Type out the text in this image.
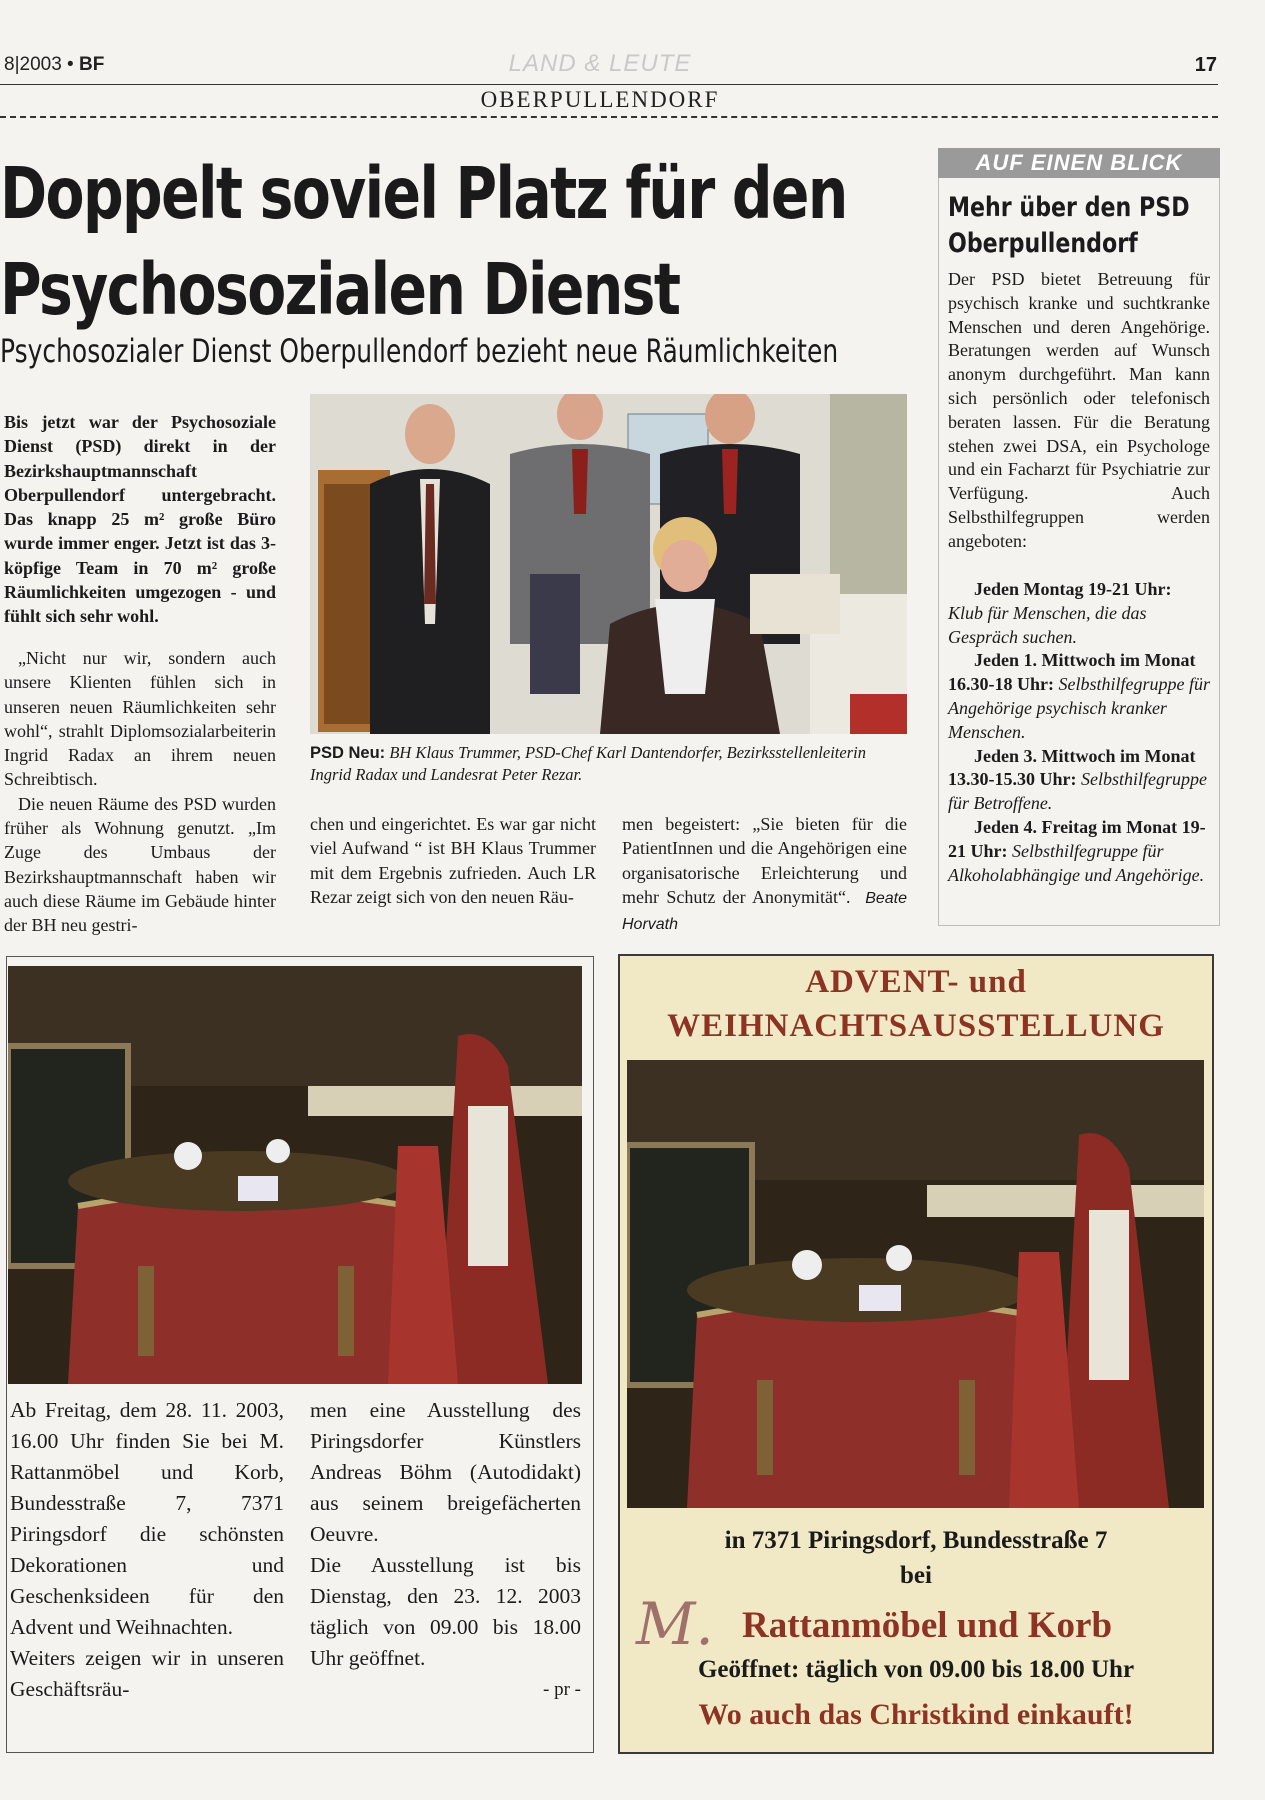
8|2003 • BF	LAND & LEUTE	17
OBERPULLENDORF
Doppelt soviel Platz für den
Psychosozialen Dienst
Psychosozialer Dienst Oberpullendorf bezieht neue Räumlichkeiten
Bis jetzt war der Psychosoziale Dienst (PSD) direkt in der Bezirkshauptmannschaft Oberpullendorf untergebracht. Das knapp 25 m² große Büro wurde immer enger. Jetzt ist das 3-köpfige Team in 70 m² große Räumlichkeiten umgezogen - und fühlt sich sehr wohl.

„Nicht nur wir, sondern auch unsere Klienten fühlen sich in unseren neuen Räumlichkeiten sehr wohl“, strahlt Diplomsozialarbeiterin Ingrid Radax an ihrem neuen Schreibtisch.

Die neuen Räume des PSD wurden früher als Wohnung genutzt. „Im Zuge des Umbaus der Bezirkshauptmannschaft haben wir auch diese Räume im Gebäude hinter der BH neu gestri-

PSD Neu: BH Klaus Trummer, PSD-Chef Karl Dantendorfer, Bezirksstellenleiterin Ingrid Radax und Landesrat Peter Rezar.
chen und eingerichtet. Es war gar nicht viel Aufwand “ ist BH Klaus Trummer mit dem Ergebnis zufrieden. Auch LR Rezar zeigt sich von den neuen Räu-
men begeistert: „Sie bieten für die PatientInnen und die Angehörigen eine organisatorische Erleichterung und mehr Schutz der Anonymität“. Beate Horvath
AUF EINEN BLICK
Mehr über den PSD Oberpullendorf
Der PSD bietet Betreuung für psychisch kranke und suchtkranke Menschen und deren Angehörige. Beratungen werden auf Wunsch anonym durchgeführt. Man kann sich persönlich oder telefonisch beraten lassen. Für die Beratung stehen zwei DSA, ein Psychologe und ein Facharzt für Psychiatrie zur Verfügung. Auch Selbsthilfegruppen werden angeboten:

Jeden Montag 19-21 Uhr: Klub für Menschen, die das Gespräch suchen.

Jeden 1. Mittwoch im Monat 16.30-18 Uhr: Selbsthilfegruppe für Angehörige psychisch kranker Menschen.

Jeden 3. Mittwoch im Monat 13.30-15.30 Uhr: Selbsthilfegruppe für Betroffene.

Jeden 4. Freitag im Monat 19-21 Uhr: Selbsthilfegruppe für Alkoholabhängige und Angehörige.

Ab Freitag, dem 28. 11. 2003, 16.00 Uhr finden Sie bei M. Rattanmöbel und Korb, Bundesstraße 7, 7371 Piringsdorf die schönsten Dekorationen und Geschenksideen für den Advent und Weihnachten.

Weiters zeigen wir in unseren Geschäftsräu-

men eine Ausstellung des Piringsdorfer Künstlers Andreas Böhm (Autodidakt) aus seinem breigefächerten Oeuvre.

Die Ausstellung ist bis Dienstag, den 23. 12. 2003 täglich von 09.00 bis 18.00 Uhr geöffnet.

- pr -

ADVENT- und
WEIHNACHTSAUSSTELLUNG
in 7371 Piringsdorf, Bundesstraße 7
bei
M. Rattanmöbel und Korb
Geöffnet: täglich von 09.00 bis 18.00 Uhr
Wo auch das Christkind einkauft!
